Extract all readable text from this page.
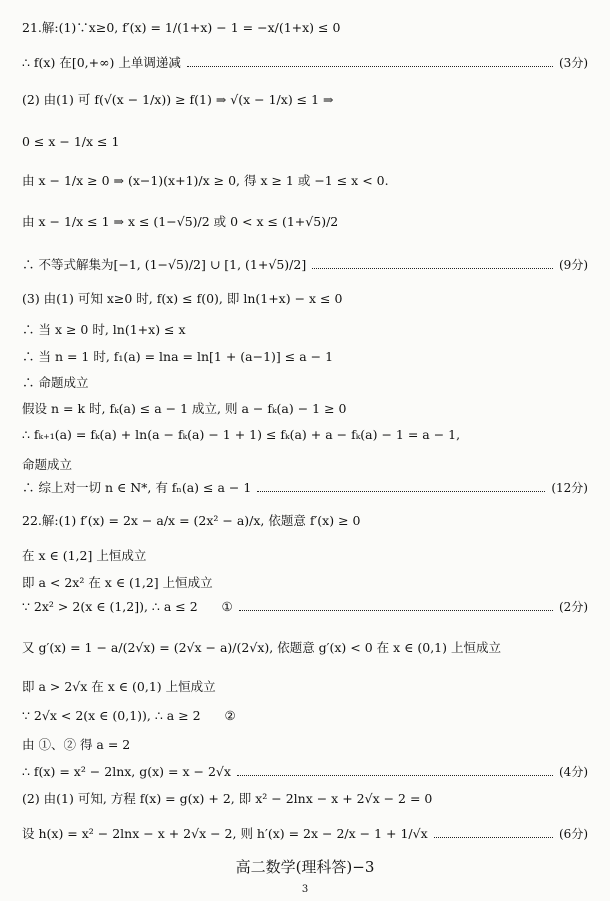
21.解:(1)∵x≥0, f′(x) = 1/(1+x) − 1 = −x/(1+x) ≤ 0
∴ f(x) 在[0,+∞) 上单调递减	(3分)
(2) 由(1) 可 f(√(x − 1/x)) ≥ f(1) ⇒ √(x − 1/x) ≤ 1 ⇒
0 ≤ x − 1/x ≤ 1
由 x − 1/x ≥ 0 ⇒ (x−1)(x+1)/x ≥ 0, 得 x ≥ 1 或 −1 ≤ x < 0.
由 x − 1/x ≤ 1 ⇒ x ≤ (1−√5)/2 或 0 < x ≤ (1+√5)/2
∴ 不等式解集为[−1, (1−√5)/2] ∪ [1, (1+√5)/2]	(9分)
(3) 由(1) 可知 x≥0 时, f(x) ≤ f(0), 即 ln(1+x) − x ≤ 0
∴ 当 x ≥ 0 时, ln(1+x) ≤ x
∴ 当 n = 1 时, f₁(a) = lna = ln[1 + (a−1)] ≤ a − 1
∴ 命题成立
假设 n = k 时, fₖ(a) ≤ a − 1 成立, 则 a − fₖ(a) − 1 ≥ 0
∴ fₖ₊₁(a) = fₖ(a) + ln(a − fₖ(a) − 1 + 1) ≤ fₖ(a) + a − fₖ(a) − 1 = a − 1,
命题成立
∴ 综上对一切 n ∈ N*, 有 fₙ(a) ≤ a − 1	(12分)
22.解:(1) f′(x) = 2x − a/x = (2x² − a)/x, 依题意 f′(x) ≥ 0
在 x ∈ (1,2] 上恒成立
即 a < 2x² 在 x ∈ (1,2] 上恒成立
∵ 2x² > 2(x ∈ (1,2]), ∴ a ≤ 2      ①	(2分)
又 g′(x) = 1 − a/(2√x) = (2√x − a)/(2√x), 依题意 g′(x) < 0 在 x ∈ (0,1) 上恒成立
即 a > 2√x 在 x ∈ (0,1) 上恒成立
∵ 2√x < 2(x ∈ (0,1)), ∴ a ≥ 2      ②
由 ①、② 得 a = 2
∴ f(x) = x² − 2lnx, g(x) = x − 2√x	(4分)
(2) 由(1) 可知, 方程 f(x) = g(x) + 2, 即 x² − 2lnx − x + 2√x − 2 = 0
设 h(x) = x² − 2lnx − x + 2√x − 2, 则 h′(x) = 2x − 2/x − 1 + 1/√x	(6分)
高二数学(理科答)−3
3
